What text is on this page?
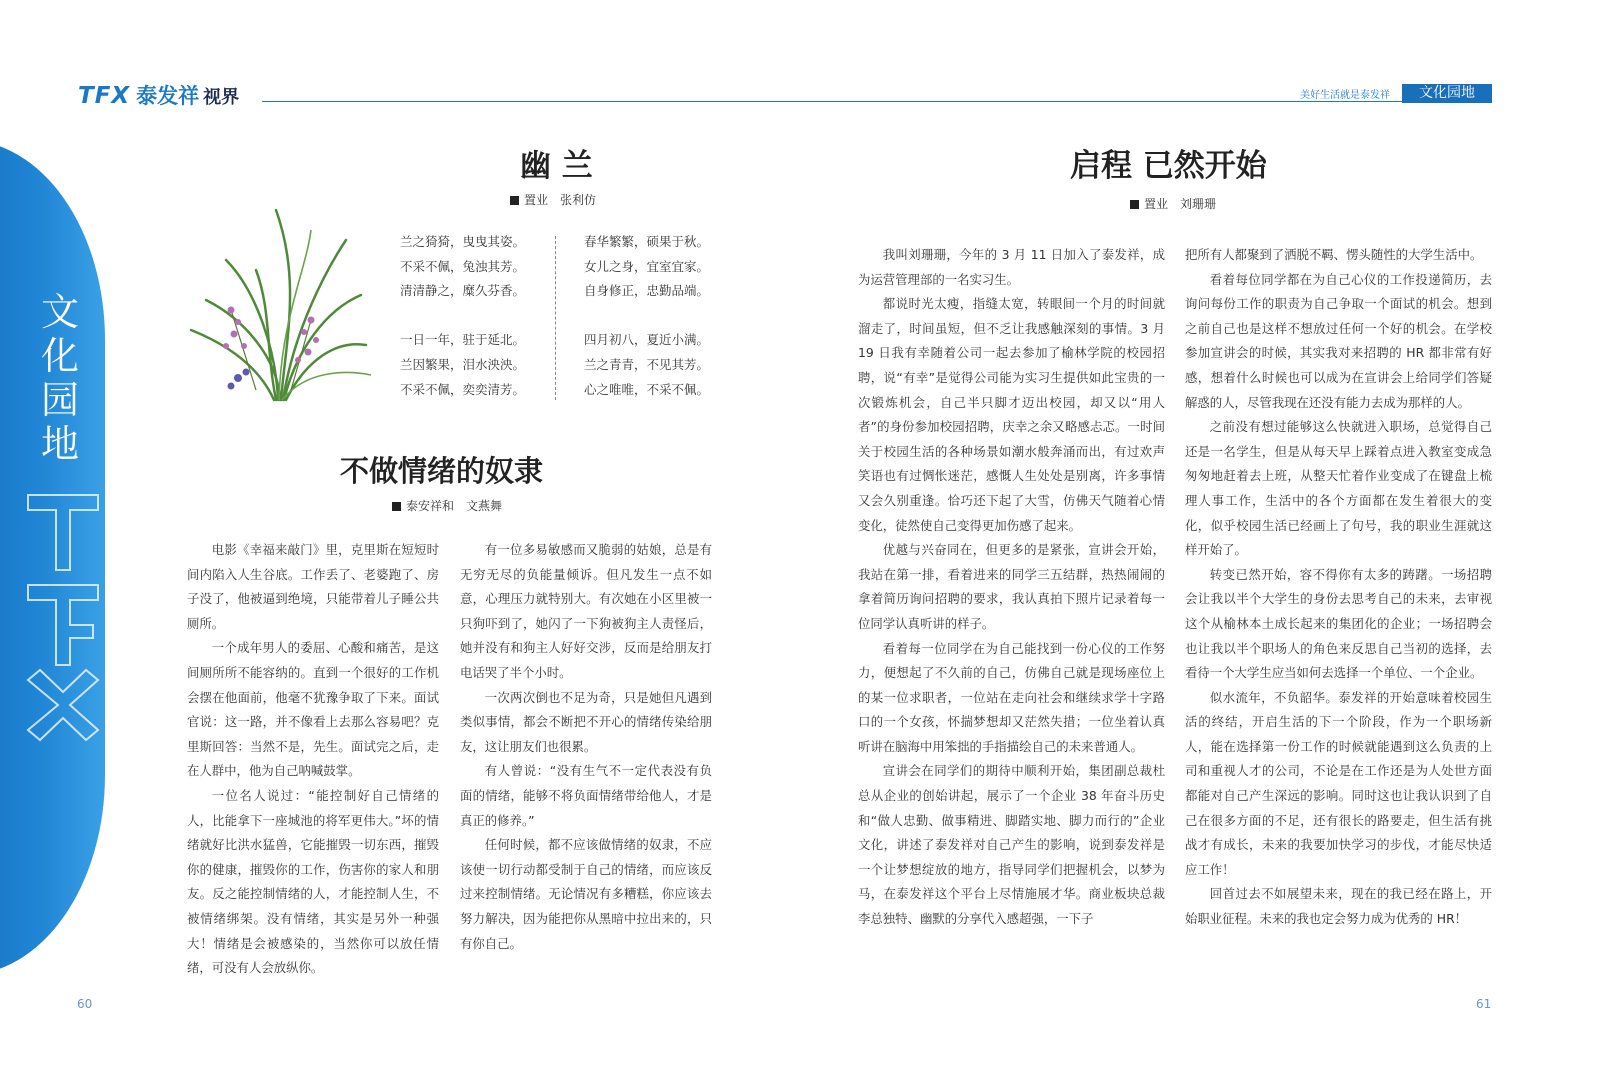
TFX 泰发祥 视界	美好生活就是泰发祥	文化园地
文化园地
幽 兰
置业　张利仿
兰之猗猗，曳曳其姿。
不采不佩，兔浊其芳。
清清静之，糜久芬香。
一日一年，驻于延北。
兰因繁果，泪水泱泱。
不采不佩，奕奕清芳。
春华繁繁，硕果于秋。
女儿之身，宜室宜家。
自身修正，忠勤品端。
四月初八，夏近小满。
兰之青青，不见其芳。
心之唯唯，不采不佩。
不做情绪的奴隶
泰安祥和　文燕舞

电影《幸福来敲门》里，克里斯在短短时间内陷入人生谷底。工作丢了、老婆跑了、房子没了，他被逼到绝境，只能带着儿子睡公共厕所。

一个成年男人的委屈、心酸和痛苦，是这间厕所所不能容纳的。直到一个很好的工作机会摆在他面前，他毫不犹豫争取了下来。面试官说：这一路，并不像看上去那么容易吧？克里斯回答：当然不是，先生。面试完之后，走在人群中，他为自己呐喊鼓掌。

一位名人说过：“能控制好自己情绪的人，比能拿下一座城池的将军更伟大。”坏的情绪就好比洪水猛兽，它能摧毁一切东西，摧毁你的健康，摧毁你的工作，伤害你的家人和朋友。反之能控制情绪的人，才能控制人生，不被情绪绑架。没有情绪，其实是另外一种强大！情绪是会被感染的，当然你可以放任情绪，可没有人会放纵你。

有一位多易敏感而又脆弱的姑娘，总是有无穷无尽的负能量倾诉。但凡发生一点不如意，心理压力就特别大。有次她在小区里被一只狗吓到了，她闪了一下狗被狗主人责怪后，她并没有和狗主人好好交涉，反而是给朋友打电话哭了半个小时。

一次两次倒也不足为奇，只是她但凡遇到类似事情，都会不断把不开心的情绪传染给朋友，这让朋友们也很累。

有人曾说：“没有生气不一定代表没有负面的情绪，能够不将负面情绪带给他人，才是真正的修养。”

任何时候，都不应该做情绪的奴隶，不应该使一切行动都受制于自己的情绪，而应该反过来控制情绪。无论情况有多糟糕，你应该去努力解决，因为能把你从黑暗中拉出来的，只有你自己。

启程 已然开始
置业　刘珊珊

我叫刘珊珊，今年的 3 月 11 日加入了泰发祥，成为运营管理部的一名实习生。

都说时光太瘦，指缝太宽，转眼间一个月的时间就溜走了，时间虽短，但不乏让我感触深刻的事情。3 月 19 日我有幸随着公司一起去参加了榆林学院的校园招聘，说“有幸”是觉得公司能为实习生提供如此宝贵的一次锻炼机会，自己半只脚才迈出校园，却又以“用人者”的身份参加校园招聘，庆幸之余又略感忐忑。一时间关于校园生活的各种场景如潮水般奔涌而出，有过欢声笑语也有过惆怅迷茫，感慨人生处处是别离，许多事情又会久别重逢。恰巧还下起了大雪，仿佛天气随着心情变化，徒然使自己变得更加伤感了起来。

优越与兴奋同在，但更多的是紧张，宣讲会开始，我站在第一排，看着进来的同学三五结群，热热闹闹的拿着简历询问招聘的要求，我认真拍下照片记录着每一位同学认真听讲的样子。

看着每一位同学在为自己能找到一份心仪的工作努力，便想起了不久前的自己，仿佛自己就是现场座位上的某一位求职者，一位站在走向社会和继续求学十字路口的一个女孩，怀揣梦想却又茫然失措；一位坐着认真听讲在脑海中用笨拙的手指描绘自己的未来普通人。

宣讲会在同学们的期待中顺利开始，集团副总裁杜总从企业的创始讲起，展示了一个企业 38 年奋斗历史和“做人忠勤、做事精进、脚踏实地、脚力而行的”企业文化，讲述了泰发祥对自己产生的影响，说到泰发祥是一个让梦想绽放的地方，指导同学们把握机会，以梦为马，在泰发祥这个平台上尽情施展才华。商业板块总裁李总独特、幽默的分享代入感超强，一下子

把所有人都聚到了洒脱不羁、愣头随性的大学生活中。

看着每位同学都在为自己心仪的工作投递简历，去询问每份工作的职责为自己争取一个面试的机会。想到之前自己也是这样不想放过任何一个好的机会。在学校参加宣讲会的时候，其实我对来招聘的 HR 都非常有好感，想着什么时候也可以成为在宣讲会上给同学们答疑解惑的人，尽管我现在还没有能力去成为那样的人。

之前没有想过能够这么快就进入职场，总觉得自己还是一名学生，但是从每天早上踩着点进入教室变成急匆匆地赶着去上班，从整天忙着作业变成了在键盘上梳理人事工作，生活中的各个方面都在发生着很大的变化，似乎校园生活已经画上了句号，我的职业生涯就这样开始了。

转变已然开始，容不得你有太多的踌躇。一场招聘会让我以半个大学生的身份去思考自己的未来，去审视这个从榆林本土成长起来的集团化的企业；一场招聘会也让我以半个职场人的角色来反思自己当初的选择，去看待一个大学生应当如何去选择一个单位、一个企业。

似水流年，不负韶华。泰发祥的开始意味着校园生活的终结，开启生活的下一个阶段，作为一个职场新人，能在选择第一份工作的时候就能遇到这么负责的上司和重视人才的公司，不论是在工作还是为人处世方面都能对自己产生深远的影响。同时这也让我认识到了自己在很多方面的不足，还有很长的路要走，但生活有挑战才有成长，未来的我要加快学习的步伐，才能尽快适应工作！

回首过去不如展望未来，现在的我已经在路上，开始职业征程。未来的我也定会努力成为优秀的 HR！

60	61
